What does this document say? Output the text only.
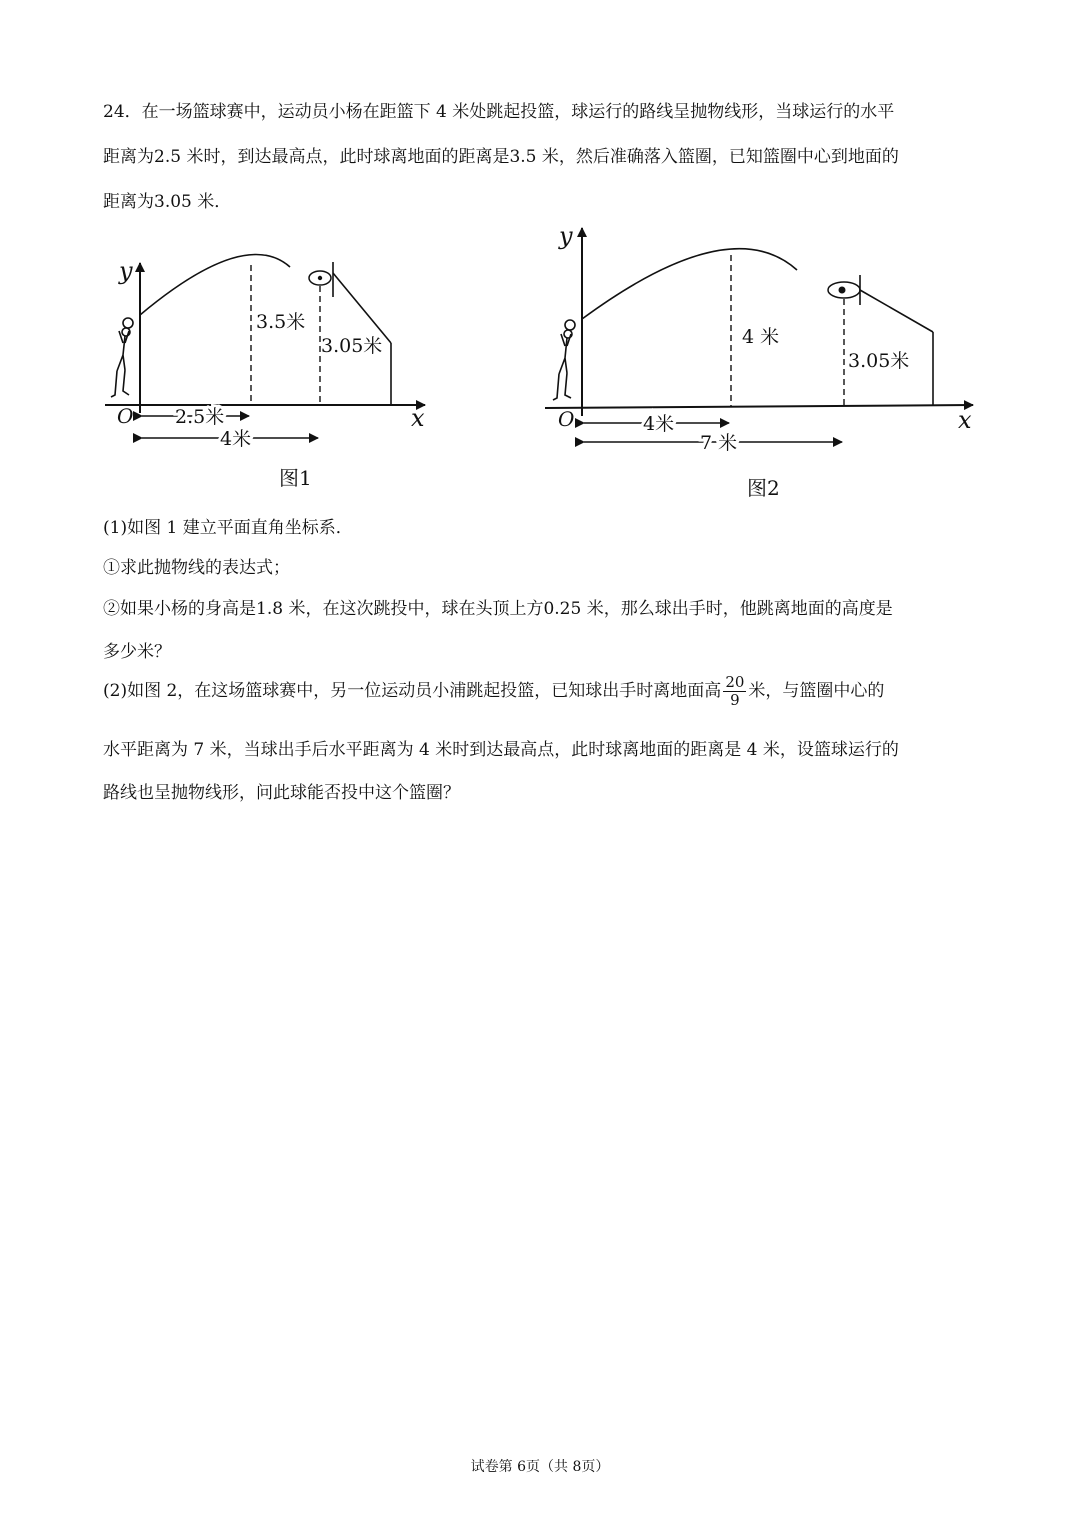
24．在一场篮球赛中，运动员小杨在距篮下 4 米处跳起投篮，球运行的路线呈抛物线形，当球运行的水平
距离为2.5 米时，到达最高点，此时球离地面的距离是3.5 米，然后准确落入篮圈，已知篮圈中心到地面的
距离为3.05 米．
y
x
O
3.5米
3.05米
2.5米
4米
图1
y
x
O
4 米
3.05米
4米
7 米
图2
(1)如图 1 建立平面直角坐标系．
①求此抛物线的表达式；
②如果小杨的身高是1.8 米，在这次跳投中，球在头顶上方0.25 米，那么球出手时，他跳离地面的高度是
多少米？
(2)如图 2，在这场篮球赛中，另一位运动员小浦跳起投篮，已知球出手时离地面高 $\frac{20}{9}$ 米，与篮圈中心的
水平距离为 7 米，当球出手后水平距离为 4 米时到达最高点，此时球离地面的距离是 4 米，设篮球运行的
路线也呈抛物线形，问此球能否投中这个篮圈？
试卷第 6页（共 8页）
